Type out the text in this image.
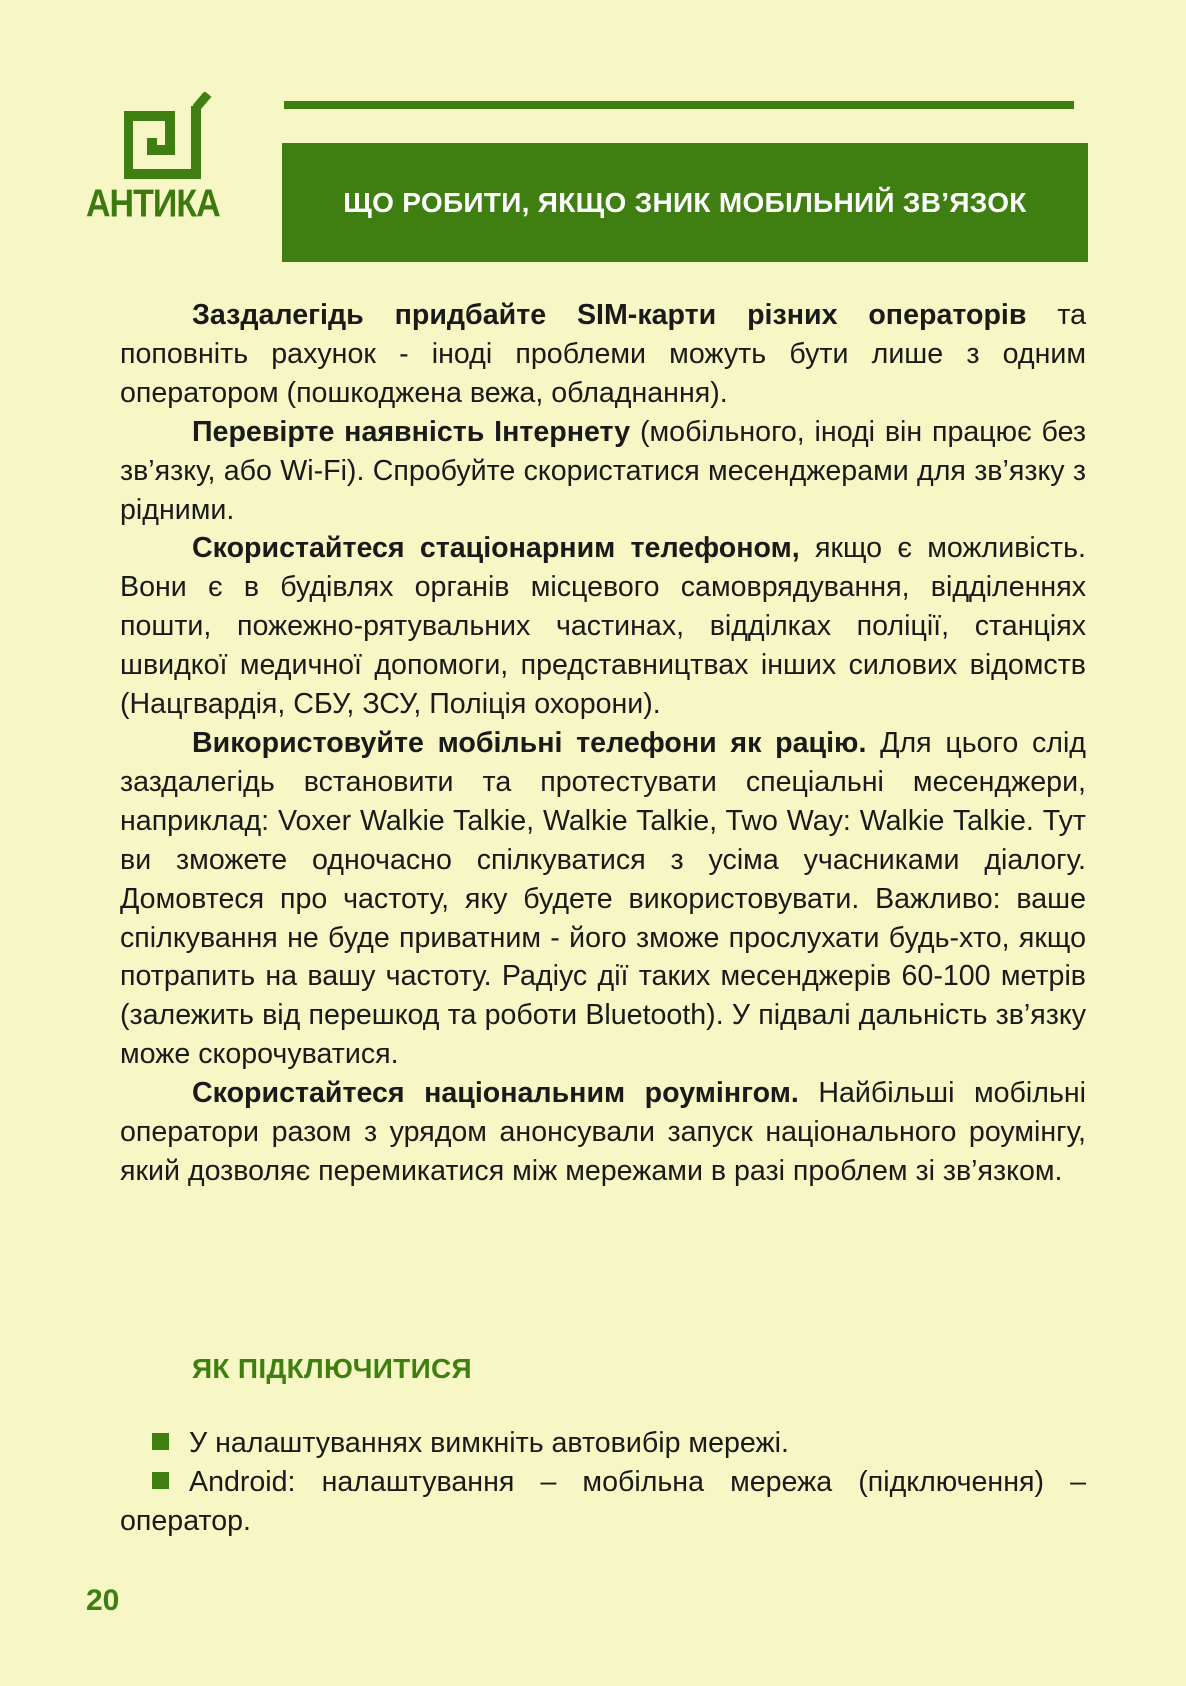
АНТИКА	ЩО РОБИТИ, ЯКЩО ЗНИК МОБІЛЬНИЙ ЗВ’ЯЗОК

Заздалегідь придбайте SIM-карти різних операторів та поповніть рахунок - іноді проблеми можуть бути лише з одним оператором (пошкоджена вежа, обладнання).

Перевірте наявність Інтернету (мобільного, іноді він працює без зв’язку, або Wi-Fi). Спробуйте скористатися месенджерами для зв’язку з рідними.

Скористайтеся стаціонарним телефоном, якщо є можливість. Вони є в будівлях органів місцевого самоврядування, відділеннях пошти, пожежно-рятувальних частинах, відділках поліції, станціях швидкої медичної допомоги, представництвах інших силових відомств (Нацгвардія, СБУ, ЗСУ, Поліція охорони).

Використовуйте мобільні телефони як рацію. Для цього слід заздалегідь встановити та протестувати спеціальні месенджери, наприклад: Voxer Walkie Talkie, Walkie Talkie, Two Way: Walkie Talkie. Тут ви зможете одночасно спілкуватися з усіма учасниками діалогу. Домовтеся про частоту, яку будете використовувати. Важливо: ваше спілкування не буде приватним - його зможе прослухати будь-хто, якщо потрапить на вашу частоту. Радіус дії таких месенджерів 60-100 метрів (залежить від перешкод та роботи Bluetooth). У підвалі дальність зв’язку може скорочуватися.

Скористайтеся національним роумінгом. Найбільші мобільні оператори разом з урядом анонсували запуск національного роумінгу, який дозволяє перемикатися між мережами в разі проблем зі зв’язком.

ЯК ПІДКЛЮЧИТИСЯ
У налаштуваннях вимкніть автовибір мережі.
Android: налаштування – мобільна мережа (підключення) – оператор.
20
